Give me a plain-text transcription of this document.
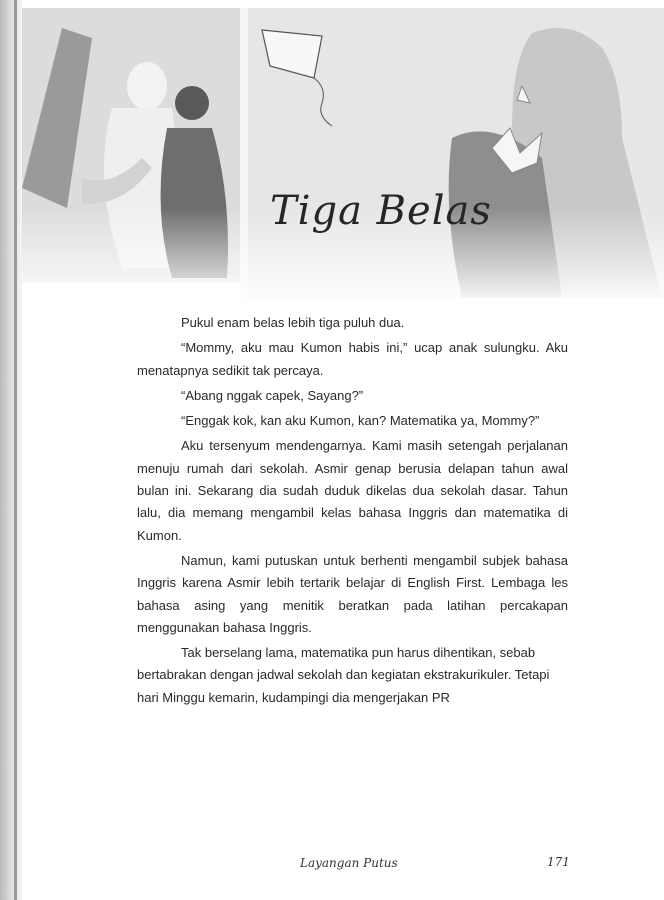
Tiga Belas

Pukul enam belas lebih tiga puluh dua.

“Mommy, aku mau Kumon habis ini,” ucap anak sulungku. Aku menatapnya sedikit tak percaya.

“Abang nggak capek, Sayang?”

“Enggak kok, kan aku Kumon, kan? Matematika ya, Mommy?”

Aku tersenyum mendengarnya. Kami masih setengah perjalanan menuju rumah dari sekolah. Asmir genap berusia delapan tahun awal bulan ini. Sekarang dia sudah duduk dikelas dua sekolah dasar. Tahun lalu, dia memang mengambil kelas bahasa Inggris dan matematika di Kumon.

Namun, kami putuskan untuk berhenti mengambil subjek bahasa Inggris karena Asmir lebih tertarik belajar di English First. Lembaga les bahasa asing yang menitik beratkan pada latihan percakapan menggunakan bahasa Inggris.

Tak berselang lama, matematika pun harus dihentikan, sebab bertabrakan dengan jadwal sekolah dan kegiatan ekstrakurikuler. Tetapi hari Minggu kemarin, kudampingi dia mengerjakan PR

Layangan Putus	171
